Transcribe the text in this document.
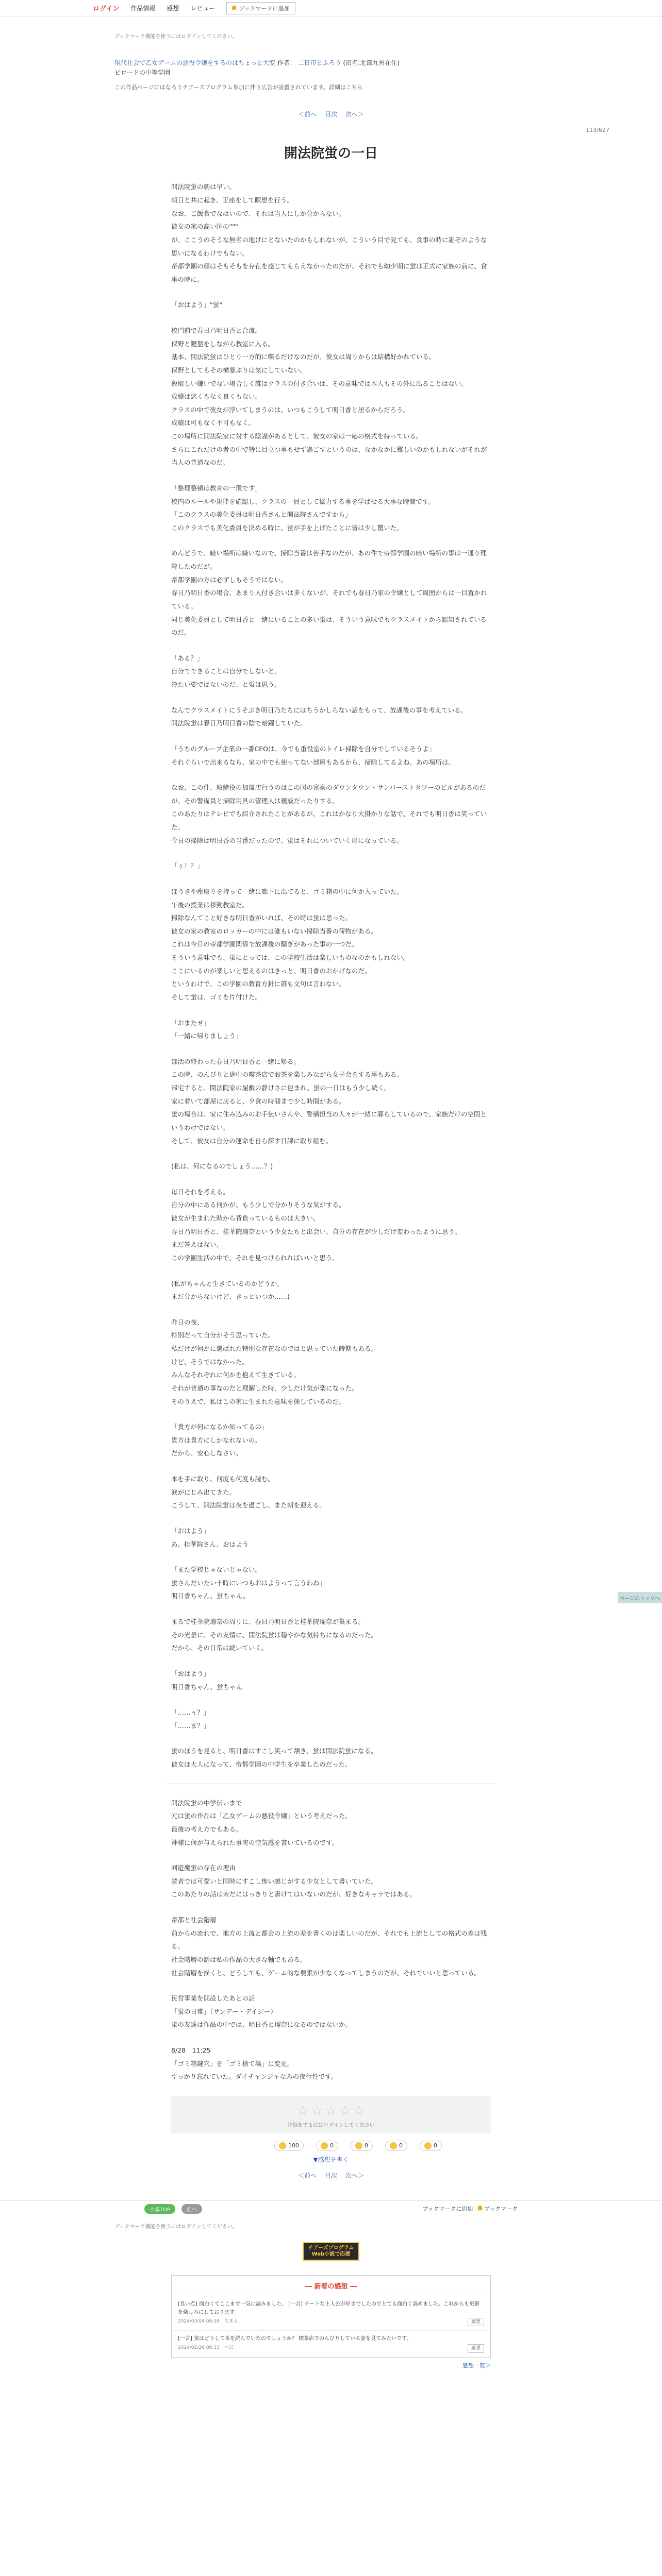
ログイン 作品情報 感想 レビュー	ブックマークに追加
ブックマーク機能を使うにはログインしてください。
現代社会で乙女ゲームの悪役令嬢をするのはちょっと大変 作者： 二日市とふろう (旧名:北部九州在住)
ビロードの中等学園
この作品ページにはなろうチアーズプログラム参加に伴う広告が設置されています。詳細はこちら
＜前へ 目次 次へ＞
113/627
開法院蛍の一日

開法院蛍の朝は早い。
朝日と共に起き、正座をして瞑想を行う。
なお、ご飯食でなはいので、それは当人にしか分からない。
彼女の家の高い国の"""
が、ここうのそうな無名の地けにとないたのかもしれないが、こういう目で見ても、食事の時に誰ぞのような思いになるわけでもない。
帝都学園の顔はそもそもを存在を感じてもらえなかったのだが、それでも幼少期に蛍は正式に家族の前に、食事の時に。

「おはよう」"蛍"

校門前で春日乃明日香と合流。
保野と鍵盤をしながら教室に入る。
基本、開法院蛍はひとり一方的に喋るだけなのだが、彼女は周りからは結構好かれている。
保野としてもその横暴ぶりは気にしていない。
段取しい嫌いでない場合しく誰はクラスの付き合いは、その意味では本人もその外に出ることはない。
成績は悪くもなく良くもない。
クラスの中で彼女が浮いてしまうのは、いつもこうして明日香と居るからだろう。
成績は可もなく不可もなく。
この場所に開法院家に対する陰謀があるとして、彼女の家は一応の格式を持っている。
さらにこれだけの者の中で特に目立つ事もせず過ごすというのは、なかなかに難しいのかもしれないがそれが当人の普通なのだ。

「整理整頓は教育の一環です」
校内のルールや規律を確認し、クラスの一員として協力する事を学ばせる大事な時間です。
「このクラスの美化委員は明日香さんと開法院さんですから」
このクラスでも美化委員を決める時に、蛍が手を上げたことに皆は少し驚いた。

めんどうで、暗い場所は嫌いなので、掃除当番は苦手なのだが、あの件で帝都学園の暗い場所の事は一通り理解したのだが。
帝都学園の方は必ずしもそうではない。
春日乃明日香の場合、あまり人付き合いは多くないが、それでも春日乃家の令嬢として周囲からは一目置かれている。
同じ美化委員として明日香と一緒にいることの多い蛍は、そういう意味でもクラスメイトから認知されているのだ。

「ある？」
自分でできることは自分でしないと。
冷たい姿ではないのだ、と蛍は思う。

なんでクラスメイトにうそぶき明日乃たちにはちうかしらない話をもって、放課後の事を考えている。
開法院蛍は春日乃明日香の陰で暗躍していた。

「うちのグループ企業の一番CEOは、今でも重役室のトイレ掃除を自分でしているそうよ」
それぐらいで出来るなら、家の中でも使ってない部屋もあるから、掃除してるよね、あの場所は。

なお、この件、取締役の加盟店行うのはこの国の富豪のダウンタウン・サンバーストタワーのビルがあるのだが、その警備員と掃除用具の管理人は親戚だったりする。
このあたりはテレビでも紹介されたことがあるが、これはかなり大掛かりな話で、それでも明日香は笑っていた。
今日の掃除は明日香の当番だったので、蛍はそれについていく形になっている。

「ぅ！？」

ほうきや塵取りを持って一緒に廊下に出てると、ゴミ箱の中に何か入っていた。
午後の授業は移動教室だ。
掃除なんてこと好きな明日香がいれば、その時は蛍は思った。
彼女の家の教室のロッカーの中には誰もいない掃除当番の荷物がある。
これは今日の帝都学園関係で放課後の騒ぎがあった事の一つだ。
そういう意味でも、蛍にとっては、この学校生活は楽しいものなのかもしれない。
ここにいるのが楽しいと思えるのはきっと、明日香のおかげなのだ。
というわけで、この学園の教育方針に誰も文句は言わない。
そして蛍は、ゴミを片付けた。

「おまたせ」
「一緒に帰りましょう」

部活の終わった春日乃明日香と一緒に帰る。
この時、のんびりと途中の喫茶店でお茶を楽しみながら女子会をする事もある。
帰宅すると、開法院家の屋敷の静けさに包まれ、蛍の一日はもう少し続く。
家に着いて部屋に戻ると、夕食の時間まで少し時間がある。
蛍の場合は、家に住み込みのお手伝いさんや、警備担当の人々が一緒に暮らしているので、家族だけの空間というわけではない。
そして、彼女は自分の運命を自ら探す日課に取り組む。

(私は、何になるのでしょう……？)

毎日それを考える。
自分の中にある何かが、もう少しで分かりそうな気がする。
彼女が生まれた時から背負っているものは大きい。
春日乃明日香と、桂華院瑠奈という少女たちと出会い、自分の存在が少しだけ変わったように思う。
まだ答えはない。
この学園生活の中で、それを見つけられればいいと思う。

(私がちゃんと生きているのかどうか、
まだ分からないけど、きっといつか……)

昨日の夜、
特別だって自分がそう思っていた。
私だけが何かに選ばれた特別な存在なのではと思っていた時期もある。
けど、そうではなかった。
みんなそれぞれに何かを抱えて生きている。
それが普通の事なのだと理解した時、少しだけ気が楽になった。
そのうえで、私はこの家に生まれた意味を探しているのだ。

「貴方が何になるか知ってるの」
貴方は貴方にしかなれないの。
だから、安心しなさい。

本を手に取り、何度も何度も読む。
涙がにじみ出てきた。
こうして、開法院蛍は夜を過ごし、また朝を迎える。

「おはよう」
あ、桂華院さん、おはよう

「また学校じゃないじゃない。
蛍さんだいたい十時にいつもおはようって言うわね」
明日香ちゃん、蛍ちゃん。

まるで桂華院瑠奈の周りに、春日乃明日香と桂華院瑠奈が集まる。
その光景に、その友情に、開法院蛍は穏やかな気持ちになるのだった。
だから、その日常は続いていく。

「おはよう」
明日香ちゃん、蛍ちゃん

「……ぅ？」
「……ま？」

蛍のほうを見ると、明日香はすこし笑って頷き、蛍は開法院蛍になる。
彼女は大人になって、帝都学園の中学生を卒業したのだった。

開法院蛍の中学伝いまで
元は蛍の作品は「乙女ゲームの悪役令嬢」という考えだった。
最後の考え方でもある。
神様に何が与えられた事実の空気感を書いているのです。

回遊魔蛍の存在の理由
読者では可愛いと同時にすこし怖い感じがする少女として書いていた。
このあたりの話は未だにはっきりと書けてはいないのだが、好きなキャラではある。

帝都と社会階層
前からの流れで、地方の上流と都会の上流の差を書くのは楽しいのだが、それでも上流としての格式の差は残る。
社会階層の話は私の作品の大きな軸でもある。
社会階層を描くと、どうしても、ゲーム的な要素が少なくなってしまうのだが、それでいいと思っている。

民営事業を開設したあとの話
「蛍の日常」（サンデー・デイジー）
蛍の友達は作品の中では、明日香と瑠奈になるのではないか。

8/28　11:25
「ゴミ箱鍵穴」を「ゴミ捨て場」に変更。
すっかり忘れていた。ダイチャンジャなみの夜行性です。

☆ ☆ ☆ ☆ ☆
評価をするにはログインしてください
100	0	0	0	0
▼感想を書く
＜前へ 目次 次へ＞
小説TOP	前へ	ブックマークに追加	ブックマーク
ブックマーク機能を使うにはログインしてください。
チアーズプログラム
Web小説で応援
― 新着の感想 ―
[良い点] 面白くてここまで一気に読みました。 [一言] チートな主人公が好きでしたのでとても面白く読めました。これからも更新を楽しみにしております。
2024/03/04 08:58　 なまえ	感想
[一言] 蛍はどうして本を読んでいたのでしょうか？ 喫茶店でのんびりしている姿を見てみたいです。
2024/02/26 06:33　 へぽ	感想
感想一覧＞
ページのトップへ
